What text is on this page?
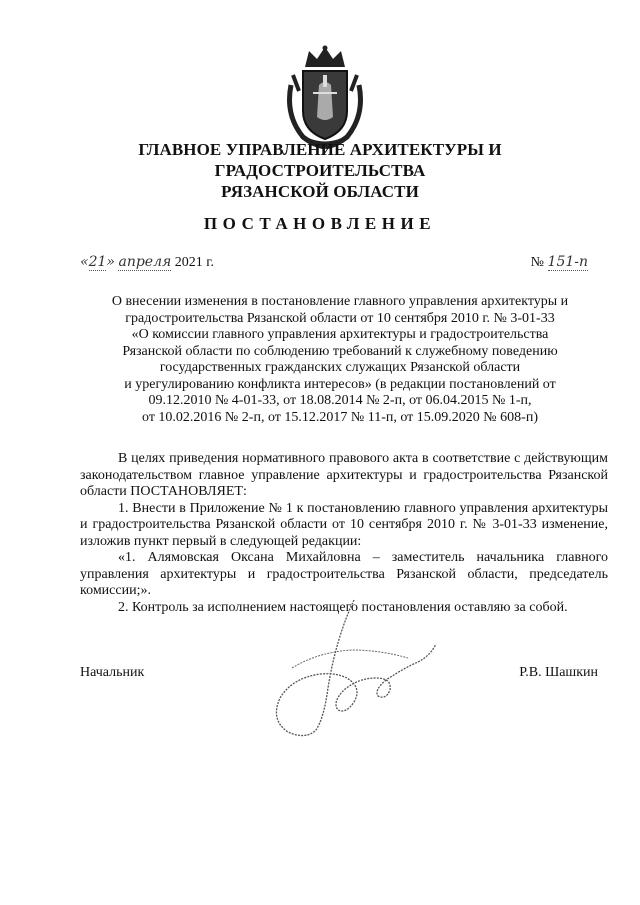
ГЛАВНОЕ УПРАВЛЕНИЕ АРХИТЕКТУРЫ И ГРАДОСТРОИТЕЛЬСТВА
РЯЗАНСКОЙ ОБЛАСТИ
ПОСТАНОВЛЕНИЕ
«21» апреля 2021 г.	№ 151-п
О внесении изменения в постановление главного управления архитектуры и
градостроительства Рязанской области от 10 сентября 2010 г. № 3-01-33
«О комиссии главного управления архитектуры и градостроительства
Рязанской области по соблюдению требований к служебному поведению
государственных гражданских служащих Рязанской области
и урегулированию конфликта интересов» (в редакции постановлений от
09.12.2010 № 4-01-33, от 18.08.2014 № 2-п, от 06.04.2015 № 1-п,
от 10.02.2016 № 2-п, от 15.12.2017 № 11-п, от 15.09.2020 № 608-п)

В целях приведения нормативного правового акта в соответствие с действующим законодательством главное управление архитектуры и градостроительства Рязанской области ПОСТАНОВЛЯЕТ:

1. Внести в Приложение № 1 к постановлению главного управления архитектуры и градостроительства Рязанской области от 10 сентября 2010 г. № 3-01-33 изменение, изложив пункт первый в следующей редакции:

«1. Алямовская Оксана Михайловна – заместитель начальника главного управления архитектуры и градостроительства Рязанской области, председатель комиссии;».

2. Контроль за исполнением настоящего постановления оставляю за собой.

Начальник	Р.В. Шашкин
